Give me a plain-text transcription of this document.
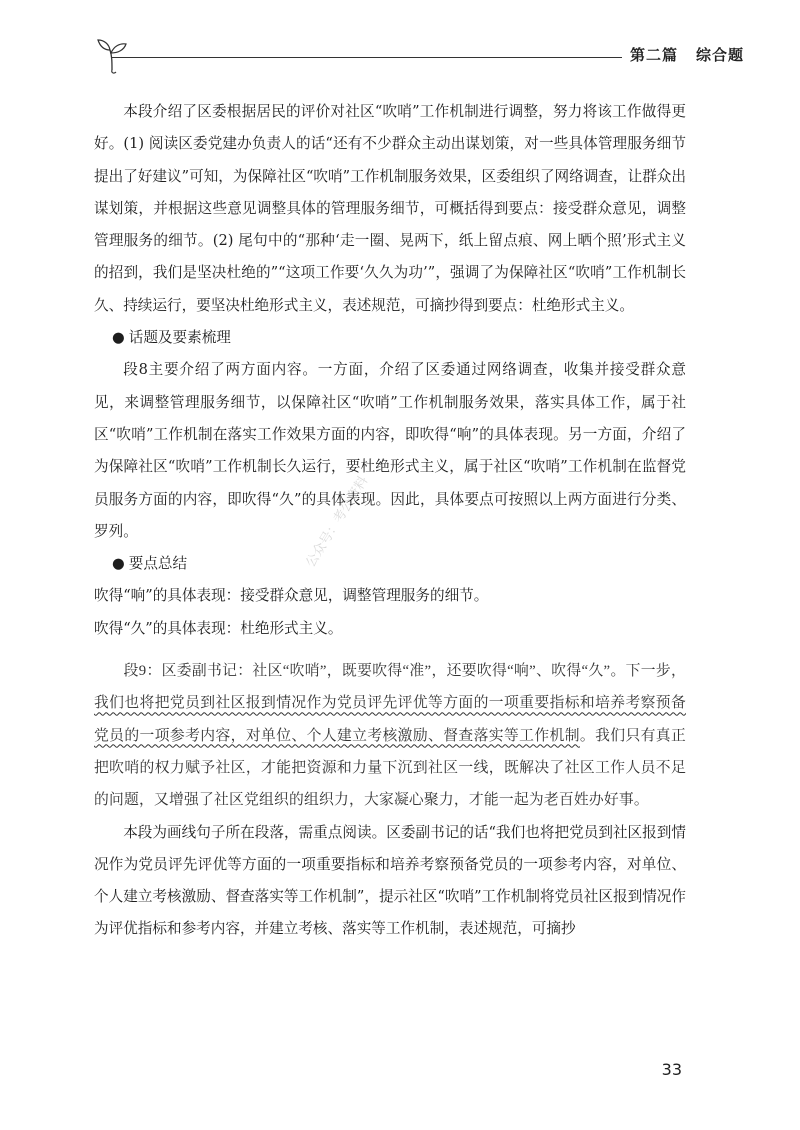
第二篇 综合题

本段介绍了区委根据居民的评价对社区“吹哨”工作机制进行调整，努力将该工作做得更好。(1) 阅读区委党建办负责人的话“还有不少群众主动出谋划策，对一些具体管理服务细节提出了好建议”可知，为保障社区“吹哨”工作机制服务效果，区委组织了网络调查，让群众出谋划策，并根据这些意见调整具体的管理服务细节，可概括得到要点：接受群众意见，调整管理服务的细节。(2) 尾句中的“那种‘走一圈、晃两下，纸上留点痕、网上晒个照’形式主义的招到，我们是坚决杜绝的”“这项工作要‘久久为功’”，强调了为保障社区“吹哨”工作机制长久、持续运行，要坚决杜绝形式主义，表述规范，可摘抄得到要点：杜绝形式主义。

● 话题及要素梳理

段8主要介绍了两方面内容。一方面，介绍了区委通过网络调查，收集并接受群众意见，来调整管理服务细节，以保障社区“吹哨”工作机制服务效果，落实具体工作，属于社区“吹哨”工作机制在落实工作效果方面的内容，即吹得“响”的具体表现。另一方面，介绍了为保障社区“吹哨”工作机制长久运行，要杜绝形式主义，属于社区“吹哨”工作机制在监督党员服务方面的内容，即吹得“久”的具体表现。因此，具体要点可按照以上两方面进行分类、罗列。

● 要点总结

吹得“响”的具体表现：接受群众意见，调整管理服务的细节。

吹得“久”的具体表现：杜绝形式主义。

段9：区委副书记：社区“吹哨”，既要吹得“准”，还要吹得“响”、吹得“久”。下一步，我们也将把党员到社区报到情况作为党员评先评优等方面的一项重要指标和培养考察预备党员的一项参考内容，对单位、个人建立考核激励、督查落实等工作机制。我们只有真正把吹哨的权力赋予社区，才能把资源和力量下沉到社区一线，既解决了社区工作人员不足的问题，又增强了社区党组织的组织力，大家凝心聚力，才能一起为老百姓办好事。

本段为画线句子所在段落，需重点阅读。区委副书记的话“我们也将把党员到社区报到情况作为党员评先评优等方面的一项重要指标和培养考察预备党员的一项参考内容，对单位、个人建立考核激励、督查落实等工作机制”，提示社区“吹哨”工作机制将党员社区报到情况作为评优指标和参考内容，并建立考核、落实等工作机制，表述规范，可摘抄

公众号：考公资料
33
